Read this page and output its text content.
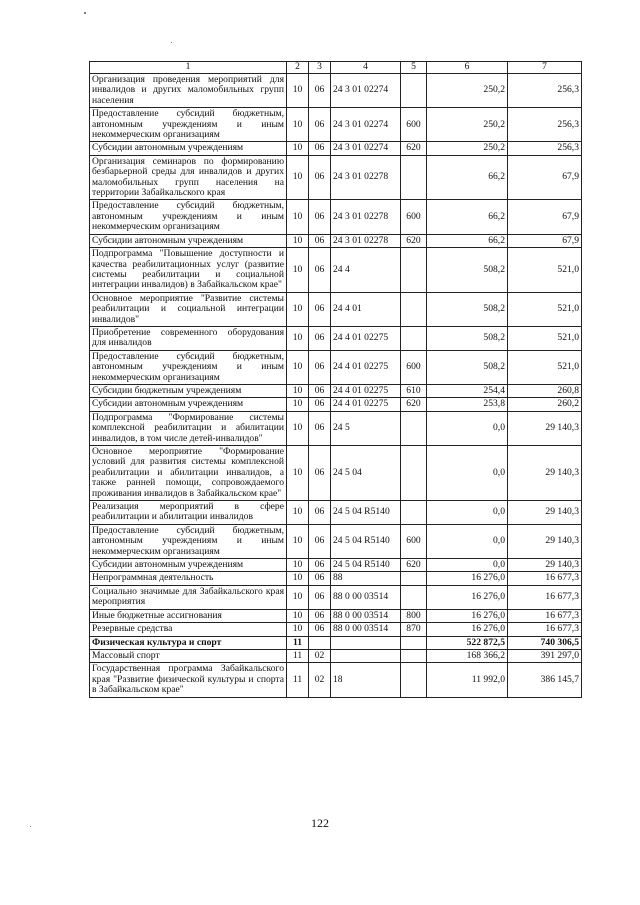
1	2	3	4	5	6	7
Организация проведения мероприятий для инвалидов и других маломобильных групп населения	10	06	24 3 01 02274		250,2	256,3
Предоставление субсидий бюджетным, автономным учреждениям и иным некоммерческим организациям	10	06	24 3 01 02274	600	250,2	256,3
Субсидии автономным учреждениям	10	06	24 3 01 02274	620	250,2	256,3
Организация семинаров по формированию безбарьерной среды для инвалидов и других маломобильных групп населения на территории Забайкальского края	10	06	24 3 01 02278		66,2	67,9
Предоставление субсидий бюджетным, автономным учреждениям и иным некоммерческим организациям	10	06	24 3 01 02278	600	66,2	67,9
Субсидии автономным учреждениям	10	06	24 3 01 02278	620	66,2	67,9
Подпрограмма "Повышение доступности и качества реабилитационных услуг (развитие системы реабилитации и социальной интеграции инвалидов) в Забайкальском крае"	10	06	24 4		508,2	521,0
Основное мероприятие "Развитие системы реабилитации и социальной интеграции инвалидов"	10	06	24 4 01		508,2	521,0
Приобретение современного оборудования для инвалидов	10	06	24 4 01 02275		508,2	521,0
Предоставление субсидий бюджетным, автономным учреждениям и иным некоммерческим организациям	10	06	24 4 01 02275	600	508,2	521,0
Субсидии бюджетным учреждениям	10	06	24 4 01 02275	610	254,4	260,8
Субсидии автономным учреждениям	10	06	24 4 01 02275	620	253,8	260,2
Подпрограмма "Формирование системы комплексной реабилитации и абилитации инвалидов, в том числе детей-инвалидов"	10	06	24 5		0,0	29 140,3
Основное мероприятие "Формирование условий для развития системы комплексной реабилитации и абилитации инвалидов, а также ранней помощи, сопровождаемого проживания инвалидов в Забайкальском крае"	10	06	24 5 04		0,0	29 140,3
Реализация мероприятий в сфере реабилитации и абилитации инвалидов	10	06	24 5 04 R5140		0,0	29 140,3
Предоставление субсидий бюджетным, автономным учреждениям и иным некоммерческим организациям	10	06	24 5 04 R5140	600	0,0	29 140,3
Субсидии автономным учреждениям	10	06	24 5 04 R5140	620	0,0	29 140,3
Непрограммная деятельность	10	06	88		16 276,0	16 677,3
Социально значимые для Забайкальского края мероприятия	10	06	88 0 00 03514		16 276,0	16 677,3
Иные бюджетные ассигнования	10	06	88 0 00 03514	800	16 276,0	16 677,3
Резервные средства	10	06	88 0 00 03514	870	16 276,0	16 677,3
Физическая культура и спорт	11				522 872,5	740 306,5
Массовый спорт	11	02			168 366,2	391 297,0
Государственная программа Забайкальского края "Развитие физической культуры и спорта в Забайкальском крае"	11	02	18		11 992,0	386 145,7
122
